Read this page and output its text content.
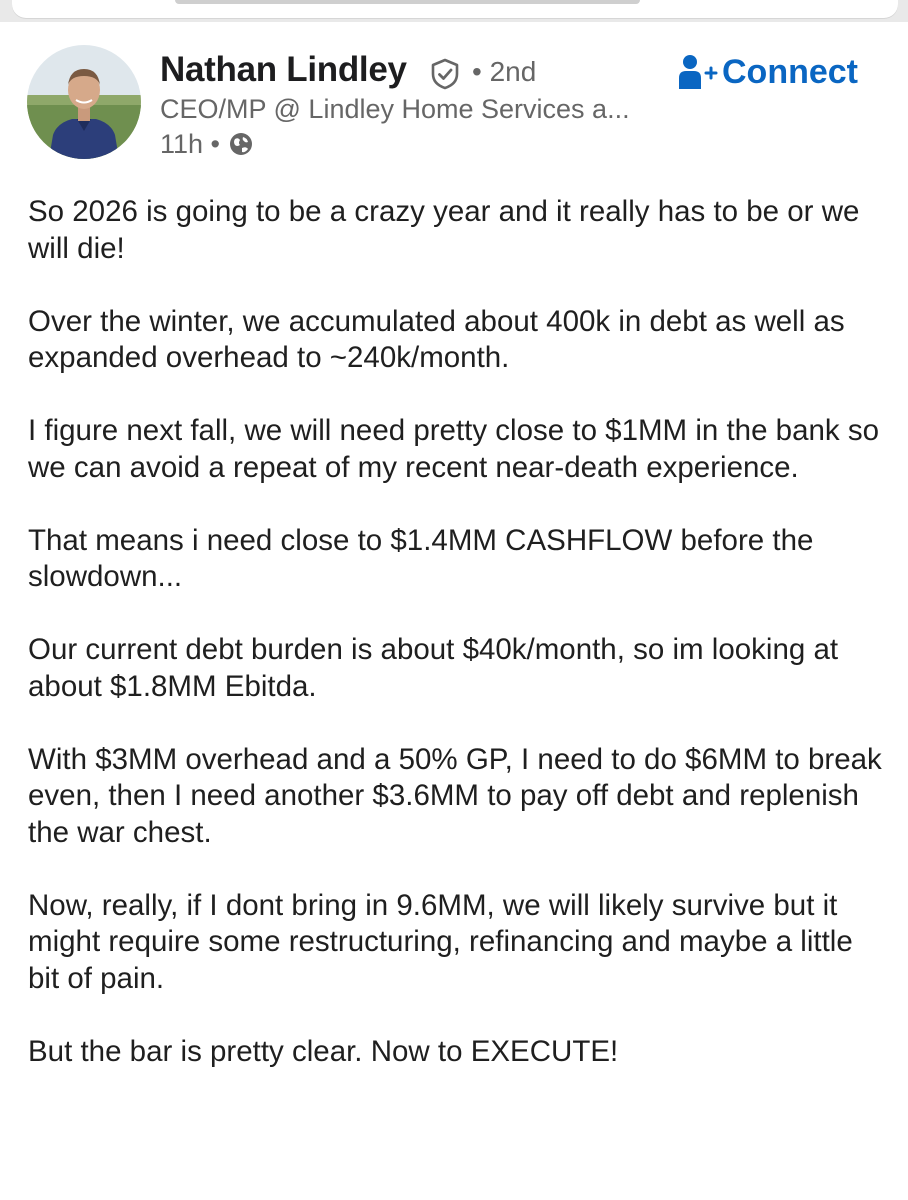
Nathan Lindley • 2nd	Connect
CEO/MP @ Lindley Home Services a...
11h •

So 2026 is going to be a crazy year and it really has to be or we will die!

Over the winter, we accumulated about 400k in debt as well as expanded overhead to ~240k/month.

I figure next fall, we will need pretty close to $1MM in the bank so we can avoid a repeat of my recent near-death experience.

That means i need close to $1.4MM CASHFLOW before the slowdown...

Our current debt burden is about $40k/month, so im looking at about $1.8MM Ebitda.

With $3MM overhead and a 50% GP, I need to do $6MM to break even, then I need another $3.6MM to pay off debt and replenish the war chest.

Now, really, if I dont bring in 9.6MM, we will likely survive but it might require some restructuring, refinancing and maybe a little bit of pain.

But the bar is pretty clear. Now to EXECUTE!
